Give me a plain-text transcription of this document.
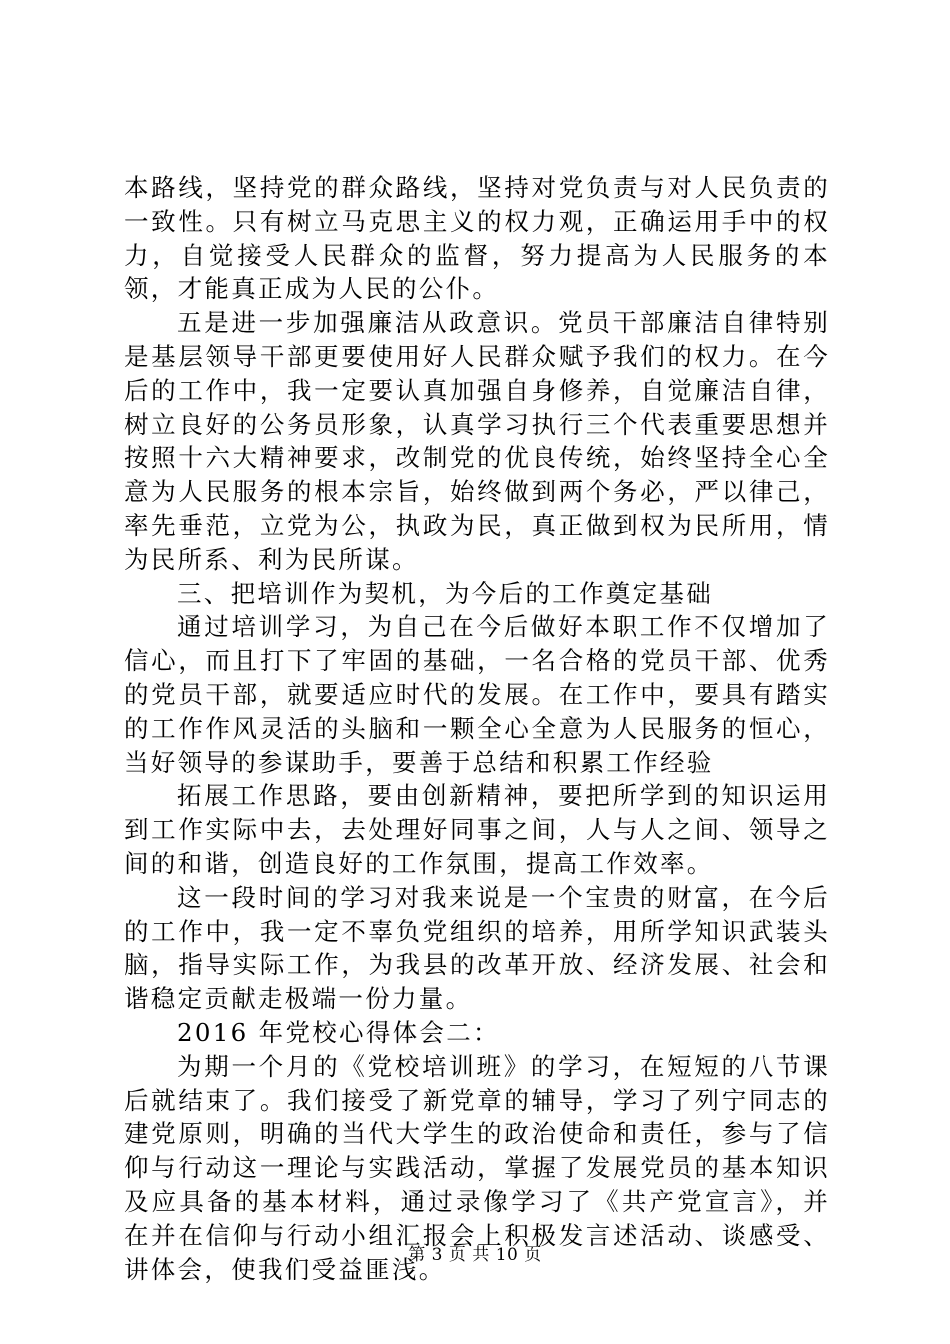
本路线，坚持党的群众路线，坚持对党负责与对人民负责的一致性。只有树立马克思主义的权力观，正确运用手中的权力，自觉接受人民群众的监督，努力提高为人民服务的本领，才能真正成为人民的公仆。

五是进一步加强廉洁从政意识。党员干部廉洁自律特别是基层领导干部更要使用好人民群众赋予我们的权力。在今后的工作中，我一定要认真加强自身修养，自觉廉洁自律，树立良好的公务员形象，认真学习执行三个代表重要思想并按照十六大精神要求，改制党的优良传统，始终坚持全心全意为人民服务的根本宗旨，始终做到两个务必，严以律己，率先垂范，立党为公，执政为民，真正做到权为民所用，情为民所系、利为民所谋。

三、把培训作为契机，为今后的工作奠定基础

通过培训学习，为自己在今后做好本职工作不仅增加了信心，而且打下了牢固的基础，一名合格的党员干部、优秀的党员干部，就要适应时代的发展。在工作中，要具有踏实的工作作风灵活的头脑和一颗全心全意为人民服务的恒心，当好领导的参谋助手，要善于总结和积累工作经验

拓展工作思路，要由创新精神，要把所学到的知识运用到工作实际中去，去处理好同事之间，人与人之间、领导之间的和谐，创造良好的工作氛围，提高工作效率。

这一段时间的学习对我来说是一个宝贵的财富，在今后的工作中，我一定不辜负党组织的培养，用所学知识武装头脑，指导实际工作，为我县的改革开放、经济发展、社会和谐稳定贡献走极端一份力量。

2016 年党校心得体会二：

为期一个月的《党校培训班》的学习，在短短的八节课后就结束了。我们接受了新党章的辅导，学习了列宁同志的建党原则，明确的当代大学生的政治使命和责任，参与了信仰与行动这一理论与实践活动，掌握了发展党员的基本知识及应具备的基本材料，通过录像学习了《共产党宣言》，并在并在信仰与行动小组汇报会上积极发言述活动、谈感受、讲体会，使我们受益匪浅。

第 3 页 共 10 页
